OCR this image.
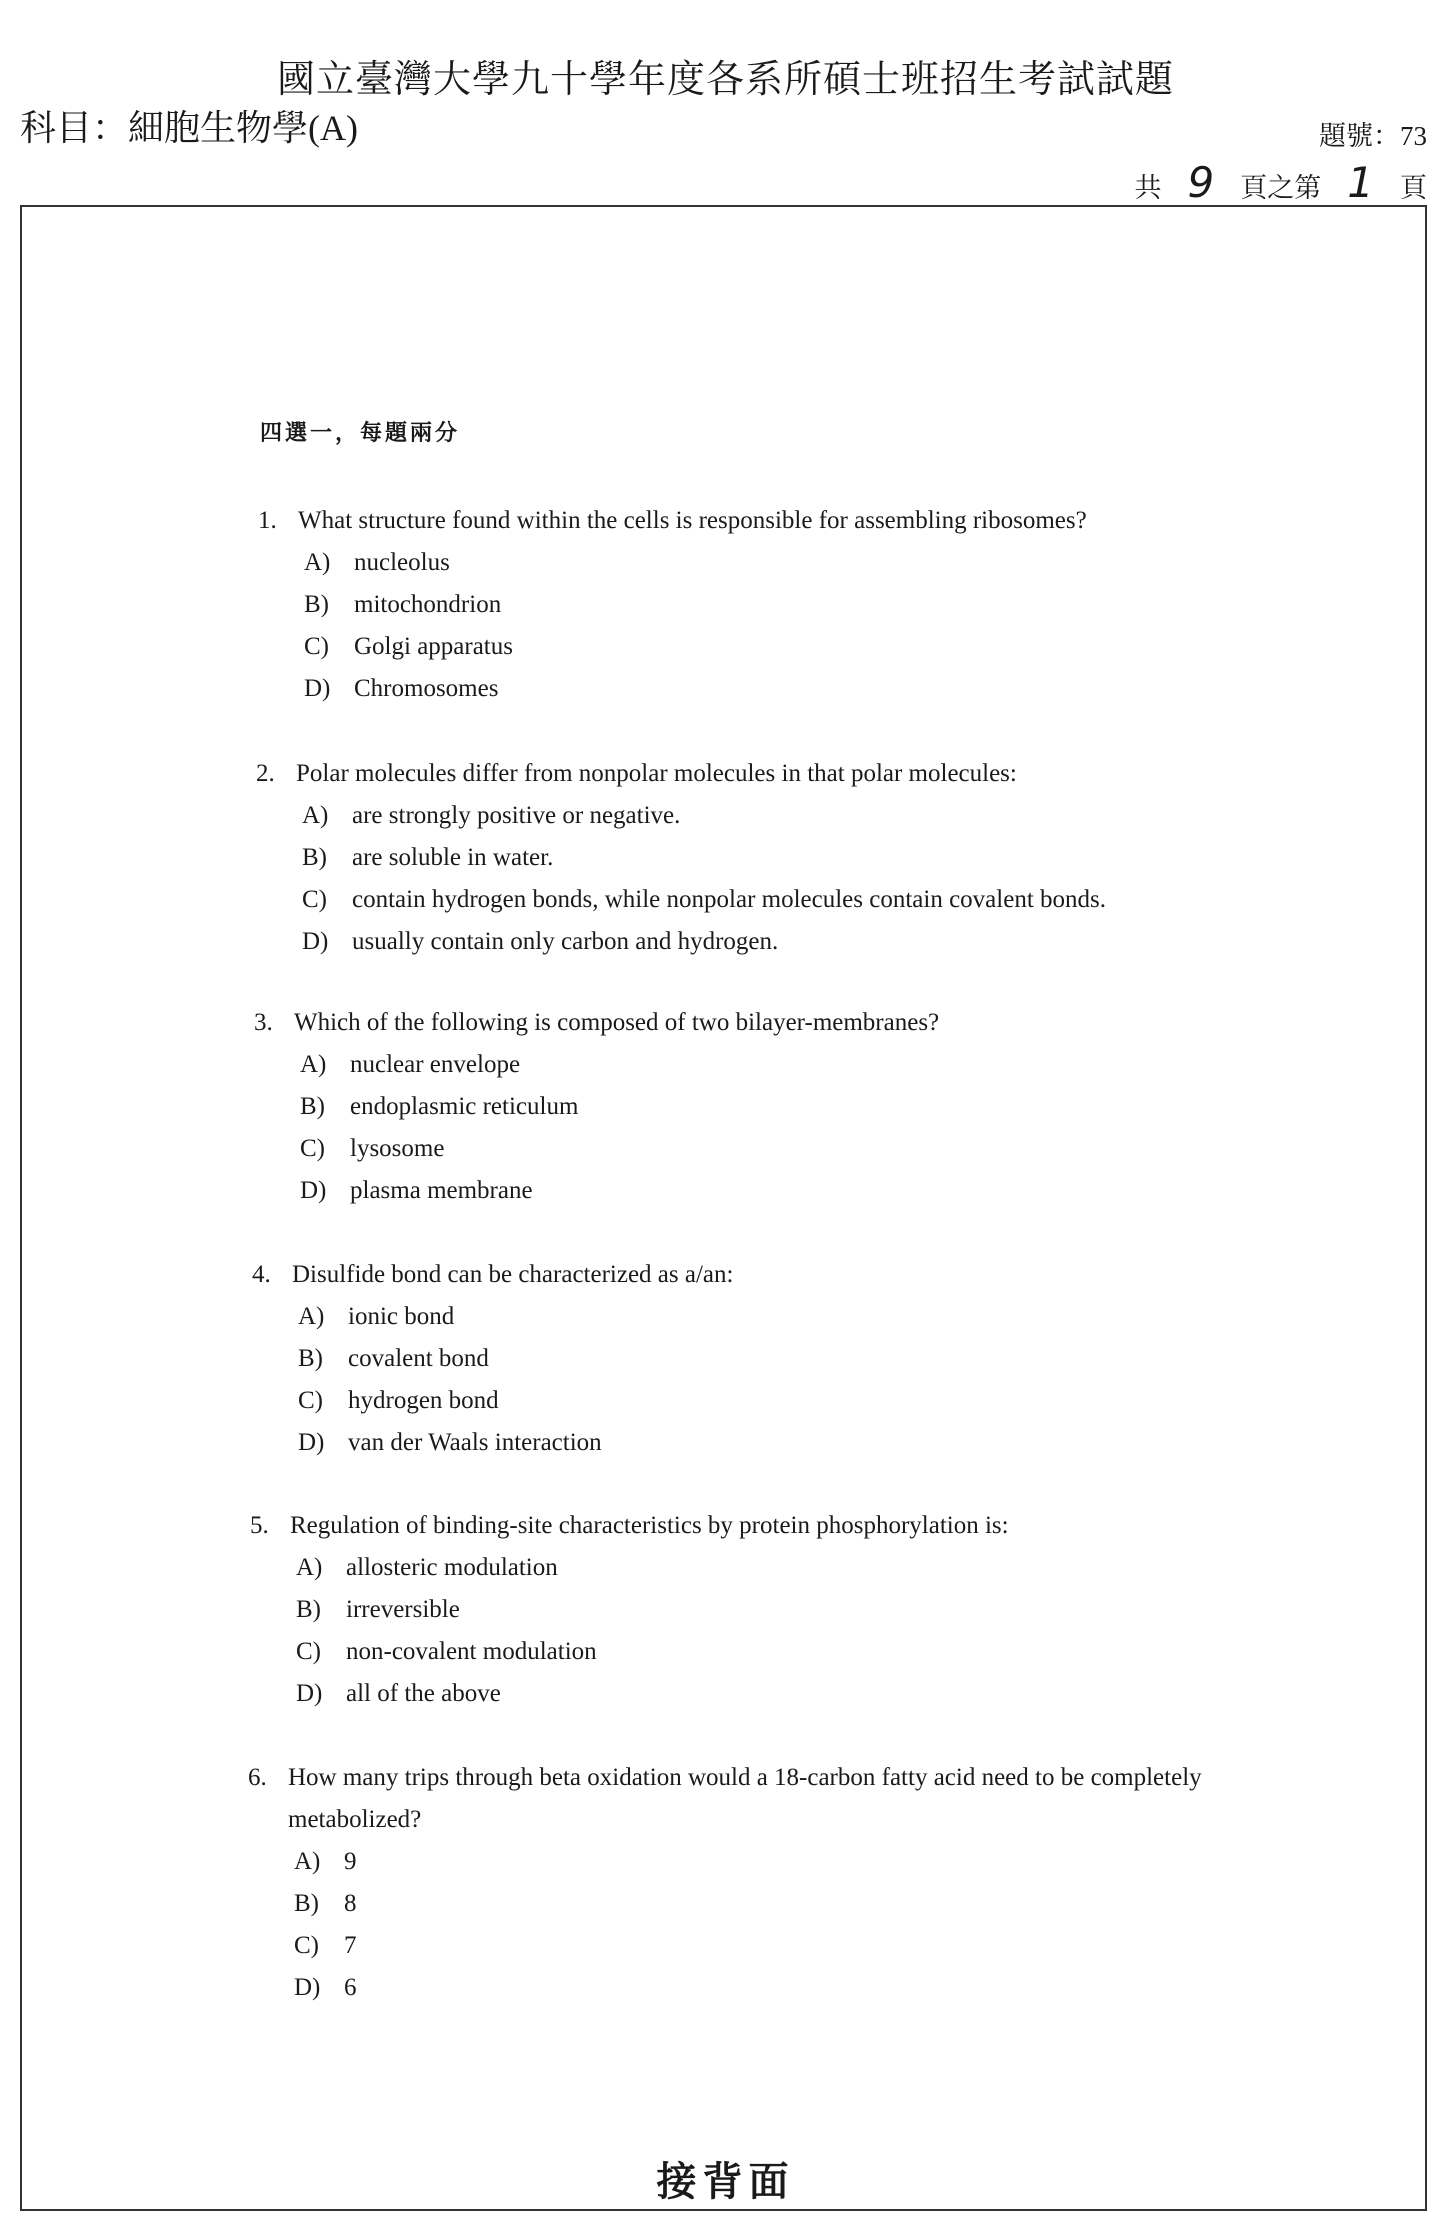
國立臺灣大學九十學年度各系所碩士班招生考試試題
科目：細胞生物學(A)	題號：73
共 9 頁之第 1 頁
四選一，每題兩分
1. What structure found within the cells is responsible for assembling ribosomes?
A) nucleolus
B)	mitochondrion
C)	Golgi apparatus
D) Chromosomes
2. Polar molecules differ from nonpolar molecules in that polar molecules:
A) are strongly positive or negative.
B)	are soluble in water.
C)	contain hydrogen bonds, while nonpolar molecules contain covalent bonds.
D) usually contain only carbon and hydrogen.
3. Which of the following is composed of two bilayer-membranes?
A) nuclear envelope
B)	endoplasmic reticulum
C)	lysosome
D) plasma membrane
4. Disulfide bond can be characterized as a/an:
A) ionic bond
B)	covalent bond
C)	hydrogen bond
D) van der Waals interaction
5. Regulation of binding-site characteristics by protein phosphorylation is:
A) allosteric modulation
B)	irreversible
C)	non-covalent modulation
D) all of the above
6. How many trips through beta oxidation would a 18-carbon fatty acid need to be completely metabolized?
A) 9
B)	8
C)	7
D) 6
接背面
